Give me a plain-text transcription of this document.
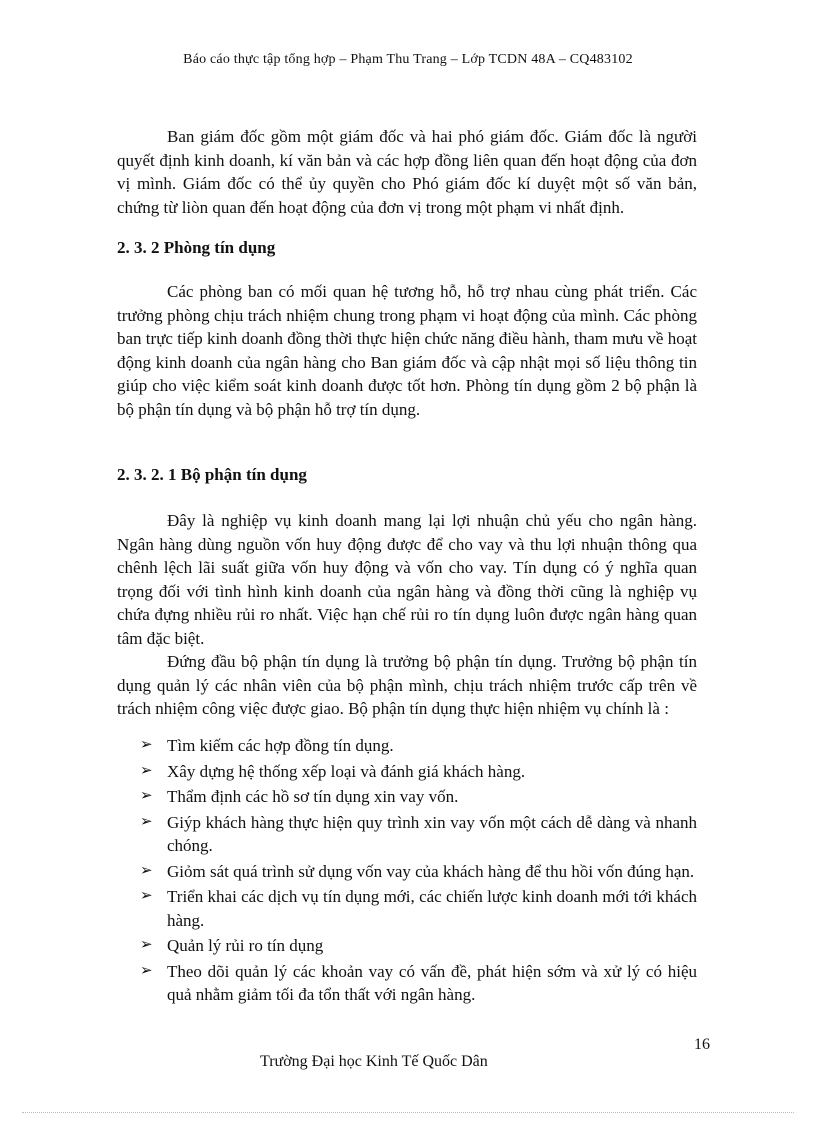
Báo cáo thực tập tổng hợp – Phạm Thu Trang – Lớp TCDN 48A – CQ483102

Ban giám đốc gồm một giám đốc và hai phó giám đốc. Giám đốc là người quyết định kinh doanh, kí văn bản và các hợp đồng liên quan đến hoạt động của đơn vị mình. Giám đốc có thể ủy quyền cho Phó giám đốc kí duyệt một số văn bản, chứng từ liòn quan đến hoạt động của đơn vị trong một phạm vi nhất định.

2. 3. 2 Phòng tín dụng

Các phòng ban có mối quan hệ tương hỗ, hỗ trợ nhau cùng phát triển. Các trưởng phòng chịu trách nhiệm chung trong phạm vi hoạt động của mình. Các phòng ban trực tiếp kinh doanh đồng thời thực hiện chức năng điều hành, tham mưu về hoạt động kinh doanh của ngân hàng cho Ban giám đốc và cập nhật mọi số liệu thông tin giúp cho việc kiểm soát kinh doanh được tốt hơn. Phòng tín dụng gồm 2 bộ phận là bộ phận tín dụng và bộ phận hỗ trợ tín dụng.

2. 3. 2. 1 Bộ phận tín dụng

Đây là nghiệp vụ kinh doanh mang lại lợi nhuận chủ yếu cho ngân hàng. Ngân hàng dùng nguồn vốn huy động được để cho vay và thu lợi nhuận thông qua chênh lệch lãi suất giữa vốn huy động và vốn cho vay. Tín dụng có ý nghĩa quan trọng đối với tình hình kinh doanh của ngân hàng và đồng thời cũng là nghiệp vụ chứa đựng nhiều rủi ro nhất. Việc hạn chế rủi ro tín dụng luôn được ngân hàng quan tâm đặc biệt.

Đứng đầu bộ phận tín dụng là trưởng bộ phận tín dụng. Trưởng bộ phận tín dụng quản lý các nhân viên của bộ phận mình, chịu trách nhiệm trước cấp trên về trách nhiệm công việc được giao. Bộ phận tín dụng thực hiện nhiệm vụ chính là :

➢ Tìm kiếm các hợp đồng tín dụng.
➢ Xây dựng hệ thống xếp loại và đánh giá khách hàng.
➢ Thẩm định các hồ sơ tín dụng xin vay vốn.
➢ Giýp khách hàng thực hiện quy trình xin vay vốn một cách dễ dàng và nhanh chóng.
➢ Giỏm sát quá trình sử dụng vốn vay của khách hàng để thu hồi vốn đúng hạn.
➢ Triển khai các dịch vụ tín dụng mới, các chiến lược kinh doanh mới tới khách hàng.
➢ Quản lý rủi ro tín dụng
➢ Theo dõi quản lý các khoản vay có vấn đề, phát hiện sớm và xử lý có hiệu quả nhằm giảm tối đa tổn thất với ngân hàng.
16
Trường Đại học Kinh Tế Quốc Dân
